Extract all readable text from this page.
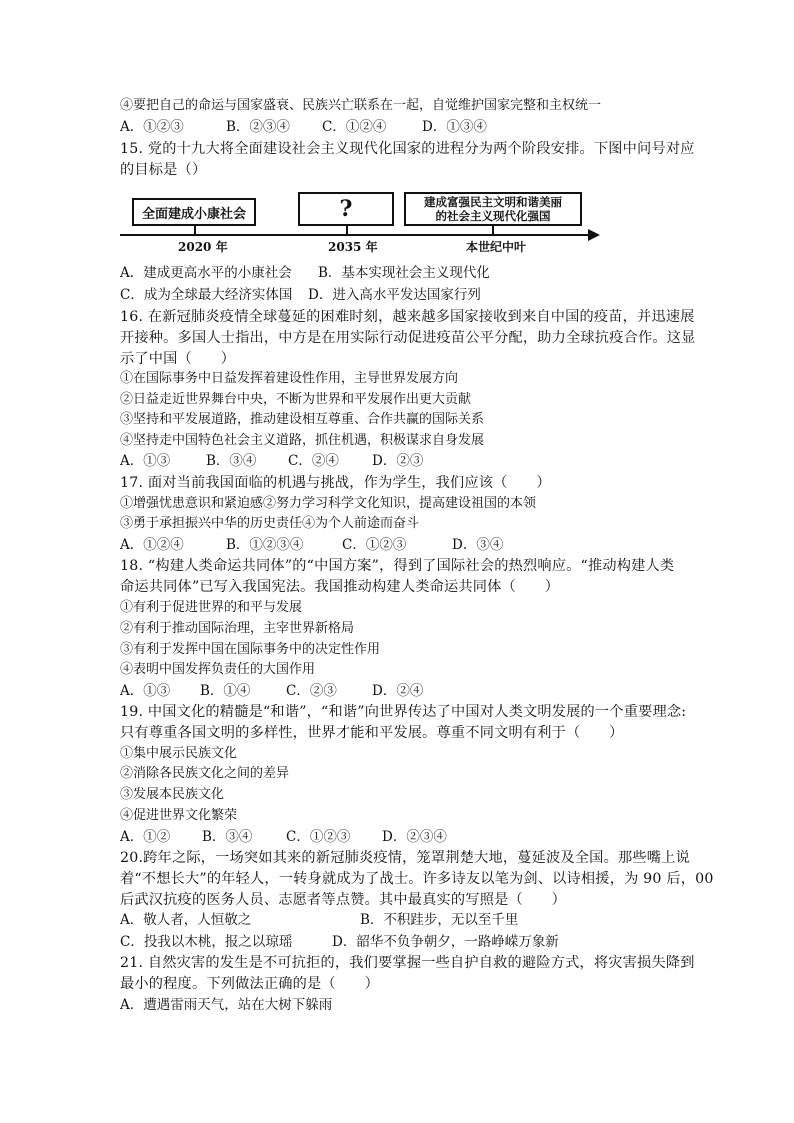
④要把自己的命运与国家盛衰、民族兴亡联系在一起，自觉维护国家完整和主权统一
A．①②③	B．②③④ C．①②④	D．①③④
15. 党的十九大将全面建设社会主义现代化国家的进程分为两个阶段安排。下图中问号对应
的目标是（）
全面建成小康社会	?	建成富强民主文明和谐美丽
的社会主义现代化强国
2020 年	2035 年	本世纪中叶
A．建成更高水平的小康社会 B．基本实现社会主义现代化
C．成为全球最大经济实体国 D．进入高水平发达国家行列
16. 在新冠肺炎疫情全球蔓延的困难时刻，越来越多国家接收到来自中国的疫苗，并迅速展
开接种。多国人士指出，中方是在用实际行动促进疫苗公平分配，助力全球抗疫合作。这显
示了中国（　　）
①在国际事务中日益发挥着建设性作用，主导世界发展方向
②日益走近世界舞台中央，不断为世界和平发展作出更大贡献
③坚持和平发展道路，推动建设相互尊重、合作共赢的国际关系
④坚持走中国特色社会主义道路，抓住机遇，积极谋求自身发展
A．①③	B．③④ C．②④ D．②③
17. 面对当前我国面临的机遇与挑战，作为学生，我们应该（　　）
①增强忧患意识和紧迫感②努力学习科学文化知识，提高建设祖国的本领
③勇于承担振兴中华的历史责任④为个人前途而奋斗
A．①②④	B．①②③④	C．①②③	D．③④
18. “构建人类命运共同体”的“中国方案”，得到了国际社会的热烈响应。“推动构建人类
命运共同体”已写入我国宪法。我国推动构建人类命运共同体（　　）
①有利于促进世界的和平与发展
②有利于推动国际治理，主宰世界新格局
③有利于发挥中国在国际事务中的决定性作用
④表明中国发挥负责任的大国作用
A．①③ B．①④	C．②③	D．②④
19. 中国文化的精髓是“和谐”，“和谐”向世界传达了中国对人类文明发展的一个重要理念:
只有尊重各国文明的多样性，世界才能和平发展。尊重不同文明有利于（　　）
①集中展示民族文化
②消除各民族文化之间的差异
③发展本民族文化
④促进世界文化繁荣
A．①② B．③④ C．①②③ D．②③④
20.跨年之际，一场突如其来的新冠肺炎疫情，笼罩荆楚大地，蔓延波及全国。那些嘴上说
着“不想长大”的年轻人，一转身就成为了战士。许多诗友以笔为剑、以诗相援，为 90 后，00
后武汉抗疫的医务人员、志愿者等点赞。其中最真实的写照是（　　）
A．敬人者，人恒敬之	B．不积跬步，无以至千里
C．投我以木桃，报之以琼瑶	D．韶华不负争朝夕，一路峥嵘万象新
21. 自然灾害的发生是不可抗拒的，我们要掌握一些自护自救的避险方式，将灾害损失降到
最小的程度。下列做法正确的是（　　）
A．遭遇雷雨天气，站在大树下躲雨
